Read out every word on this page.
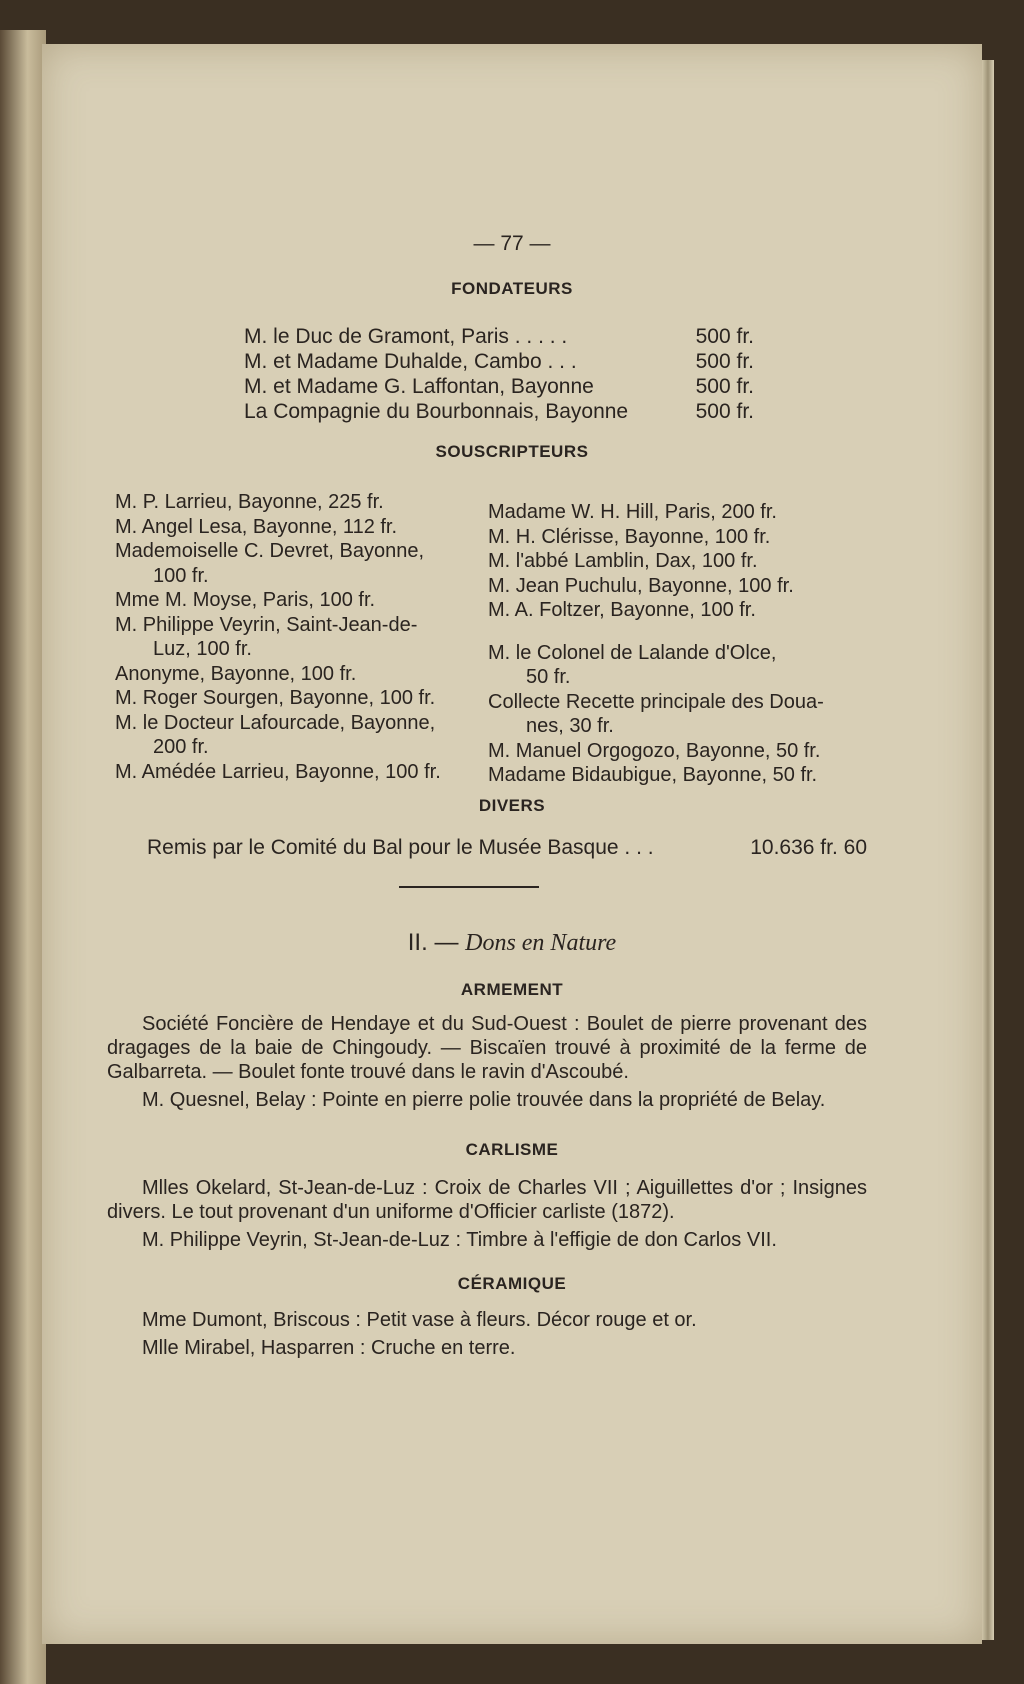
— 77 —
FONDATEURS
M. le Duc de Gramont, Paris . . . . .	500 fr.
M. et Madame Duhalde, Cambo . . .	500 fr.
M. et Madame G. Laffontan, Bayonne	500 fr.
La Compagnie du Bourbonnais, Bayonne	500 fr.
SOUSCRIPTEURS
M. P. Larrieu, Bayonne, 225 fr.
M. Angel Lesa, Bayonne, 112 fr.
Mademoiselle C. Devret, Bayonne,
100 fr.
Mme M. Moyse, Paris, 100 fr.
M. Philippe Veyrin, Saint-Jean-de-
Luz, 100 fr.
Anonyme, Bayonne, 100 fr.
M. Roger Sourgen, Bayonne, 100 fr.
M. le Docteur Lafourcade, Bayonne,
200 fr.
M. Amédée Larrieu, Bayonne, 100 fr.
Madame W. H. Hill, Paris, 200 fr.
M. H. Clérisse, Bayonne, 100 fr.
M. l'abbé Lamblin, Dax, 100 fr.
M. Jean Puchulu, Bayonne, 100 fr.
M. A. Foltzer, Bayonne, 100 fr.
M. le Colonel de Lalande d'Olce,
50 fr.
Collecte Recette principale des Doua-
nes, 30 fr.
M. Manuel Orgogozo, Bayonne, 50 fr.
Madame Bidaubigue, Bayonne, 50 fr.
DIVERS
Remis par le Comité du Bal pour le Musée Basque . . .	10.636 fr. 60
II. — Dons en Nature
ARMEMENT

Société Foncière de Hendaye et du Sud-Ouest : Boulet de pierre provenant des dragages de la baie de Chingoudy. — Biscaïen trouvé à proximité de la ferme de Galbarreta. — Boulet fonte trouvé dans le ravin d'Ascoubé.

M. Quesnel, Belay : Pointe en pierre polie trouvée dans la propriété de Belay.

CARLISME

Mlles Okelard, St-Jean-de-Luz : Croix de Charles VII ; Aiguillettes d'or ; Insignes divers. Le tout provenant d'un uniforme d'Officier carliste (1872).

M. Philippe Veyrin, St-Jean-de-Luz : Timbre à l'effigie de don Carlos VII.

CÉRAMIQUE

Mme Dumont, Briscous : Petit vase à fleurs. Décor rouge et or.

Mlle Mirabel, Hasparren : Cruche en terre.
